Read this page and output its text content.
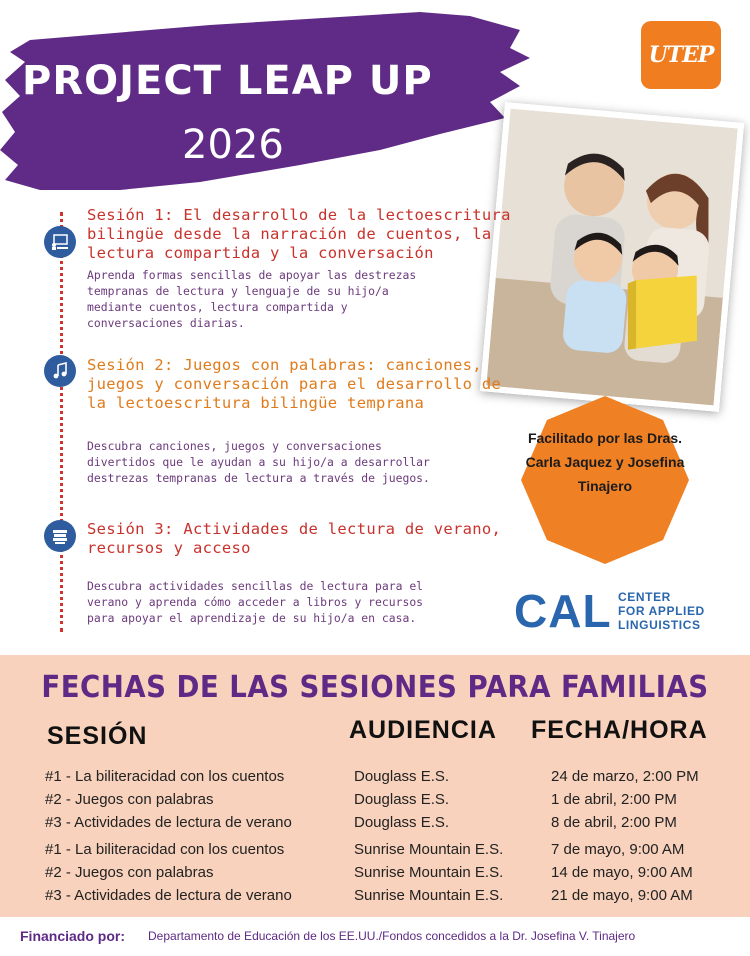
PROJECT LEAP UP
2026
UTEP
Sesión 1: El desarrollo de la lectoescritura bilingüe desde la narración de cuentos, la lectura compartida y la conversación
Aprenda formas sencillas de apoyar las destrezas tempranas de lectura y lenguaje de su hijo/a mediante cuentos, lectura compartida y conversaciones diarias.
Sesión 2: Juegos con palabras: canciones, juegos y conversación para el desarrollo de la lectoescritura bilingüe temprana
Descubra canciones, juegos y conversaciones divertidos que le ayudan a su hijo/a a desarrollar destrezas tempranas de lectura a través de juegos.
Sesión 3: Actividades de lectura de verano, recursos y acceso
Descubra actividades sencillas de lectura para el verano y aprenda cómo acceder a libros y recursos para apoyar el aprendizaje de su hijo/a en casa.
Facilitado por las Dras. Carla Jaquez y Josefina Tinajero
CAL CENTER
FOR APPLIED
LINGUISTICS
FECHAS DE LAS SESIONES PARA FAMILIAS
SESIÓN	AUDIENCIA FECHA/HORA
#1 - La biliteracidad con los cuentos	Douglass E.S.	24 de marzo, 2:00 PM
#2 - Juegos con palabras	Douglass E.S.	1 de abril, 2:00 PM
#3 - Actividades de lectura de verano	Douglass E.S.	8 de abril, 2:00 PM
#1 - La biliteracidad con los cuentos	Sunrise Mountain E.S.	7 de mayo, 9:00 AM
#2 - Juegos con palabras	Sunrise Mountain E.S.	14 de mayo, 9:00 AM
#3 - Actividades de lectura de verano	Sunrise Mountain E.S.	21 de mayo, 9:00 AM
Financiado por: Departamento de Educación de los EE.UU./Fondos concedidos a la Dr. Josefina V. Tinajero
